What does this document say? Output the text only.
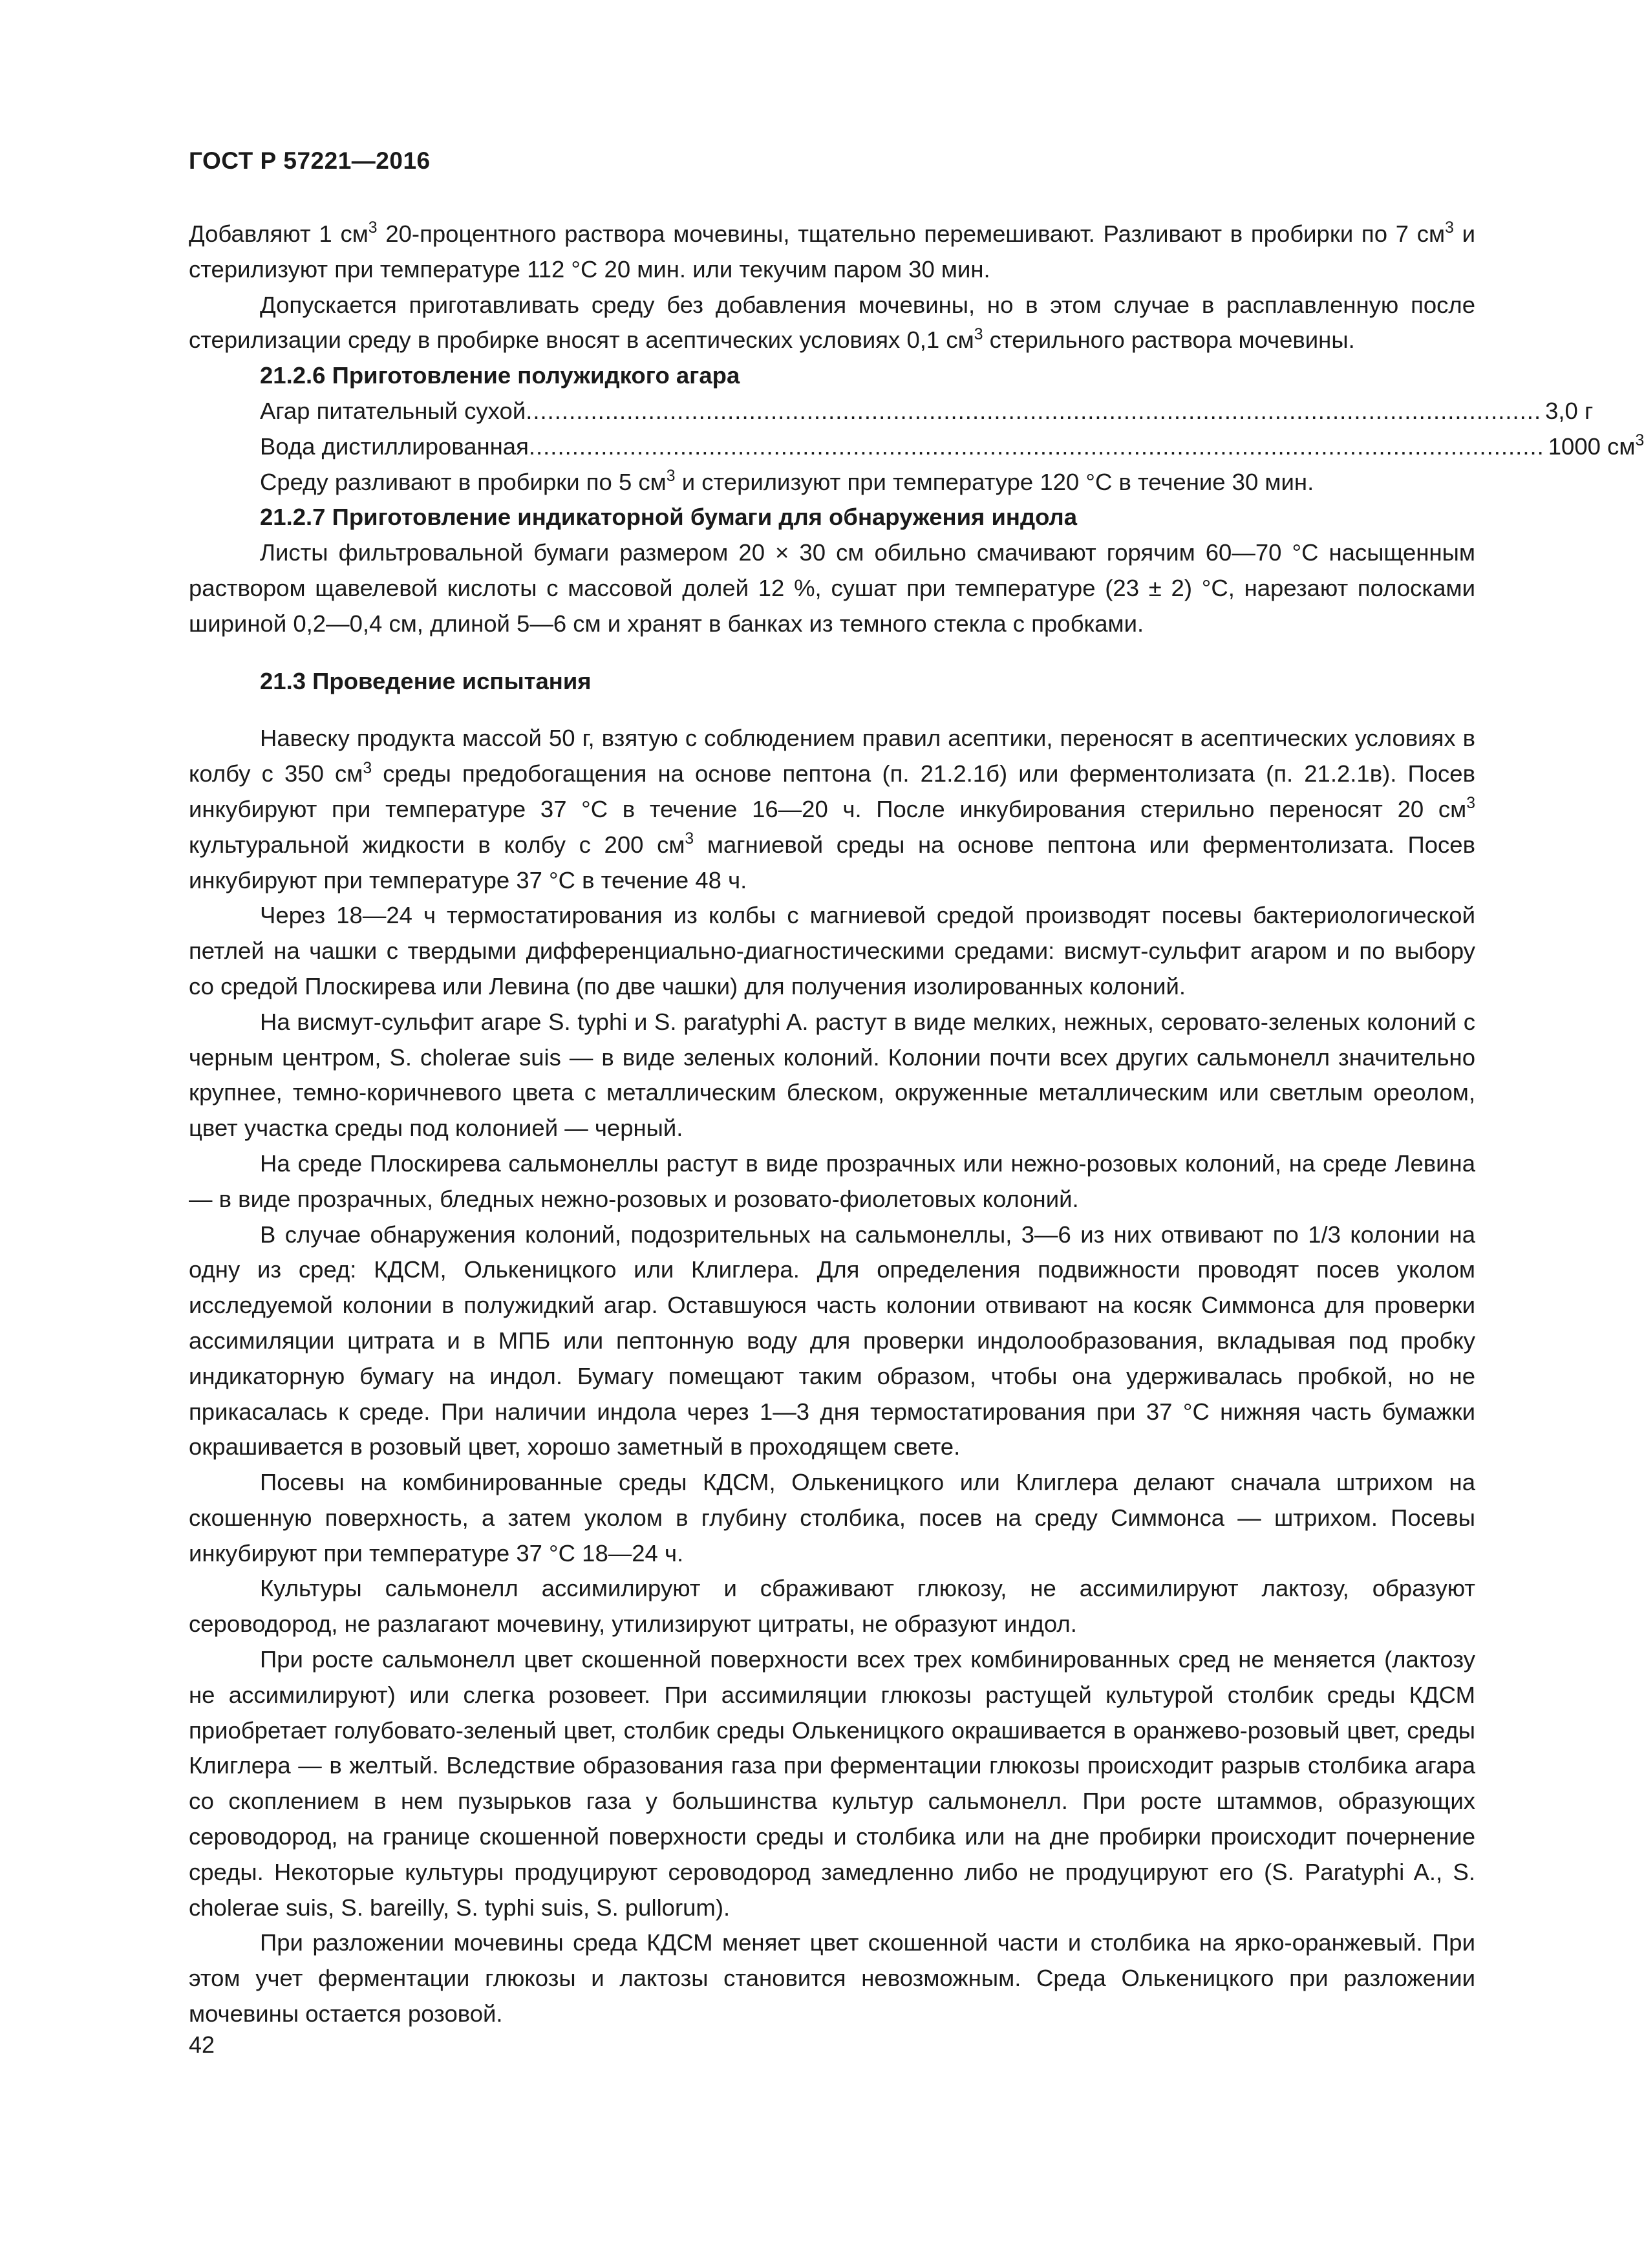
ГОСТ Р 57221—2016

Добавляют 1 $см^3$ 20-процентного раствора мочевины, тщательно перемешивают. Разливают в пробирки по 7 $см^3$ и стерилизуют при температуре 112 °С 20 мин. или текучим паром 30 мин.

Допускается приготавливать среду без добавления мочевины, но в этом случае в расплавленную после стерилизации среду в пробирке вносят в асептических условиях 0,1 $см^3$ стерильного раствора мочевины.

21.2.6 Приготовление полужидкого агара

Агар питательный сухой ............................................................................................................................................. 3,0 г
Вода дистиллированная ............................................................................................................................................. 1000 $см^3$

Среду разливают в пробирки по 5 $см^3$ и стерилизуют при температуре 120 °С в течение 30 мин.

21.2.7 Приготовление индикаторной бумаги для обнаружения индола

Листы фильтровальной бумаги размером 20 × 30 см обильно смачивают горячим 60—70 °С насыщенным раствором щавелевой кислоты с массовой долей 12 %, сушат при температуре (23 ± 2) °С, нарезают полосками шириной 0,2—0,4 см, длиной 5—6 см и хранят в банках из темного стекла с пробками.

21.3 Проведение испытания

Навеску продукта массой 50 г, взятую с соблюдением правил асептики, переносят в асептических условиях в колбу с 350 $см^3$ среды предобогащения на основе пептона (п. 21.2.1б) или ферментолизата (п. 21.2.1в). Посев инкубируют при температуре 37 °С в течение 16—20 ч. После инкубирования стерильно переносят 20 $см^3$ культуральной жидкости в колбу с 200 $см^3$ магниевой среды на основе пептона или ферментолизата. Посев инкубируют при температуре 37 °С в течение 48 ч.

Через 18—24 ч термостатирования из колбы с магниевой средой производят посевы бактериологической петлей на чашки с твердыми дифференциально-диагностическими средами: висмут-сульфит агаром и по выбору со средой Плоскирева или Левина (по две чашки) для получения изолированных колоний.

На висмут-сульфит агаре S. typhi и S. paratyphi A. растут в виде мелких, нежных, серовато-зеленых колоний с черным центром, S. cholerae suis — в виде зеленых колоний. Колонии почти всех других сальмонелл значительно крупнее, темно-коричневого цвета с металлическим блеском, окруженные металлическим или светлым ореолом, цвет участка среды под колонией — черный.

На среде Плоскирева сальмонеллы растут в виде прозрачных или нежно-розовых колоний, на среде Левина — в виде прозрачных, бледных нежно-розовых и розовато-фиолетовых колоний.

В случае обнаружения колоний, подозрительных на сальмонеллы, 3—6 из них отвивают по 1/3 колонии на одну из сред: КДСМ, Олькеницкого или Клиглера. Для определения подвижности проводят посев уколом исследуемой колонии в полужидкий агар. Оставшуюся часть колонии отвивают на косяк Симмонса для проверки ассимиляции цитрата и в МПБ или пептонную воду для проверки индолообразования, вкладывая под пробку индикаторную бумагу на индол. Бумагу помещают таким образом, чтобы она удерживалась пробкой, но не прикасалась к среде. При наличии индола через 1—3 дня термостатирования при 37 °С нижняя часть бумажки окрашивается в розовый цвет, хорошо заметный в проходящем свете.

Посевы на комбинированные среды КДСМ, Олькеницкого или Клиглера делают сначала штрихом на скошенную поверхность, а затем уколом в глубину столбика, посев на среду Симмонса — штрихом. Посевы инкубируют при температуре 37 °С 18—24 ч.

Культуры сальмонелл ассимилируют и сбраживают глюкозу, не ассимилируют лактозу, образуют сероводород, не разлагают мочевину, утилизируют цитраты, не образуют индол.

При росте сальмонелл цвет скошенной поверхности всех трех комбинированных сред не меняется (лактозу не ассимилируют) или слегка розовеет. При ассимиляции глюкозы растущей культурой столбик среды КДСМ приобретает голубовато-зеленый цвет, столбик среды Олькеницкого окрашивается в оранжево-розовый цвет, среды Клиглера — в желтый. Вследствие образования газа при ферментации глюкозы происходит разрыв столбика агара со скоплением в нем пузырьков газа у большинства культур сальмонелл. При росте штаммов, образующих сероводород, на границе скошенной поверхности среды и столбика или на дне пробирки происходит почернение среды. Некоторые культуры продуцируют сероводород замедленно либо не продуцируют его (S. Paratyphi A., S. cholerae suis, S. bareilly, S. typhi suis, S. pullorum).

При разложении мочевины среда КДСМ меняет цвет скошенной части и столбика на ярко-оранжевый. При этом учет ферментации глюкозы и лактозы становится невозможным. Среда Олькеницкого при разложении мочевины остается розовой.

42
